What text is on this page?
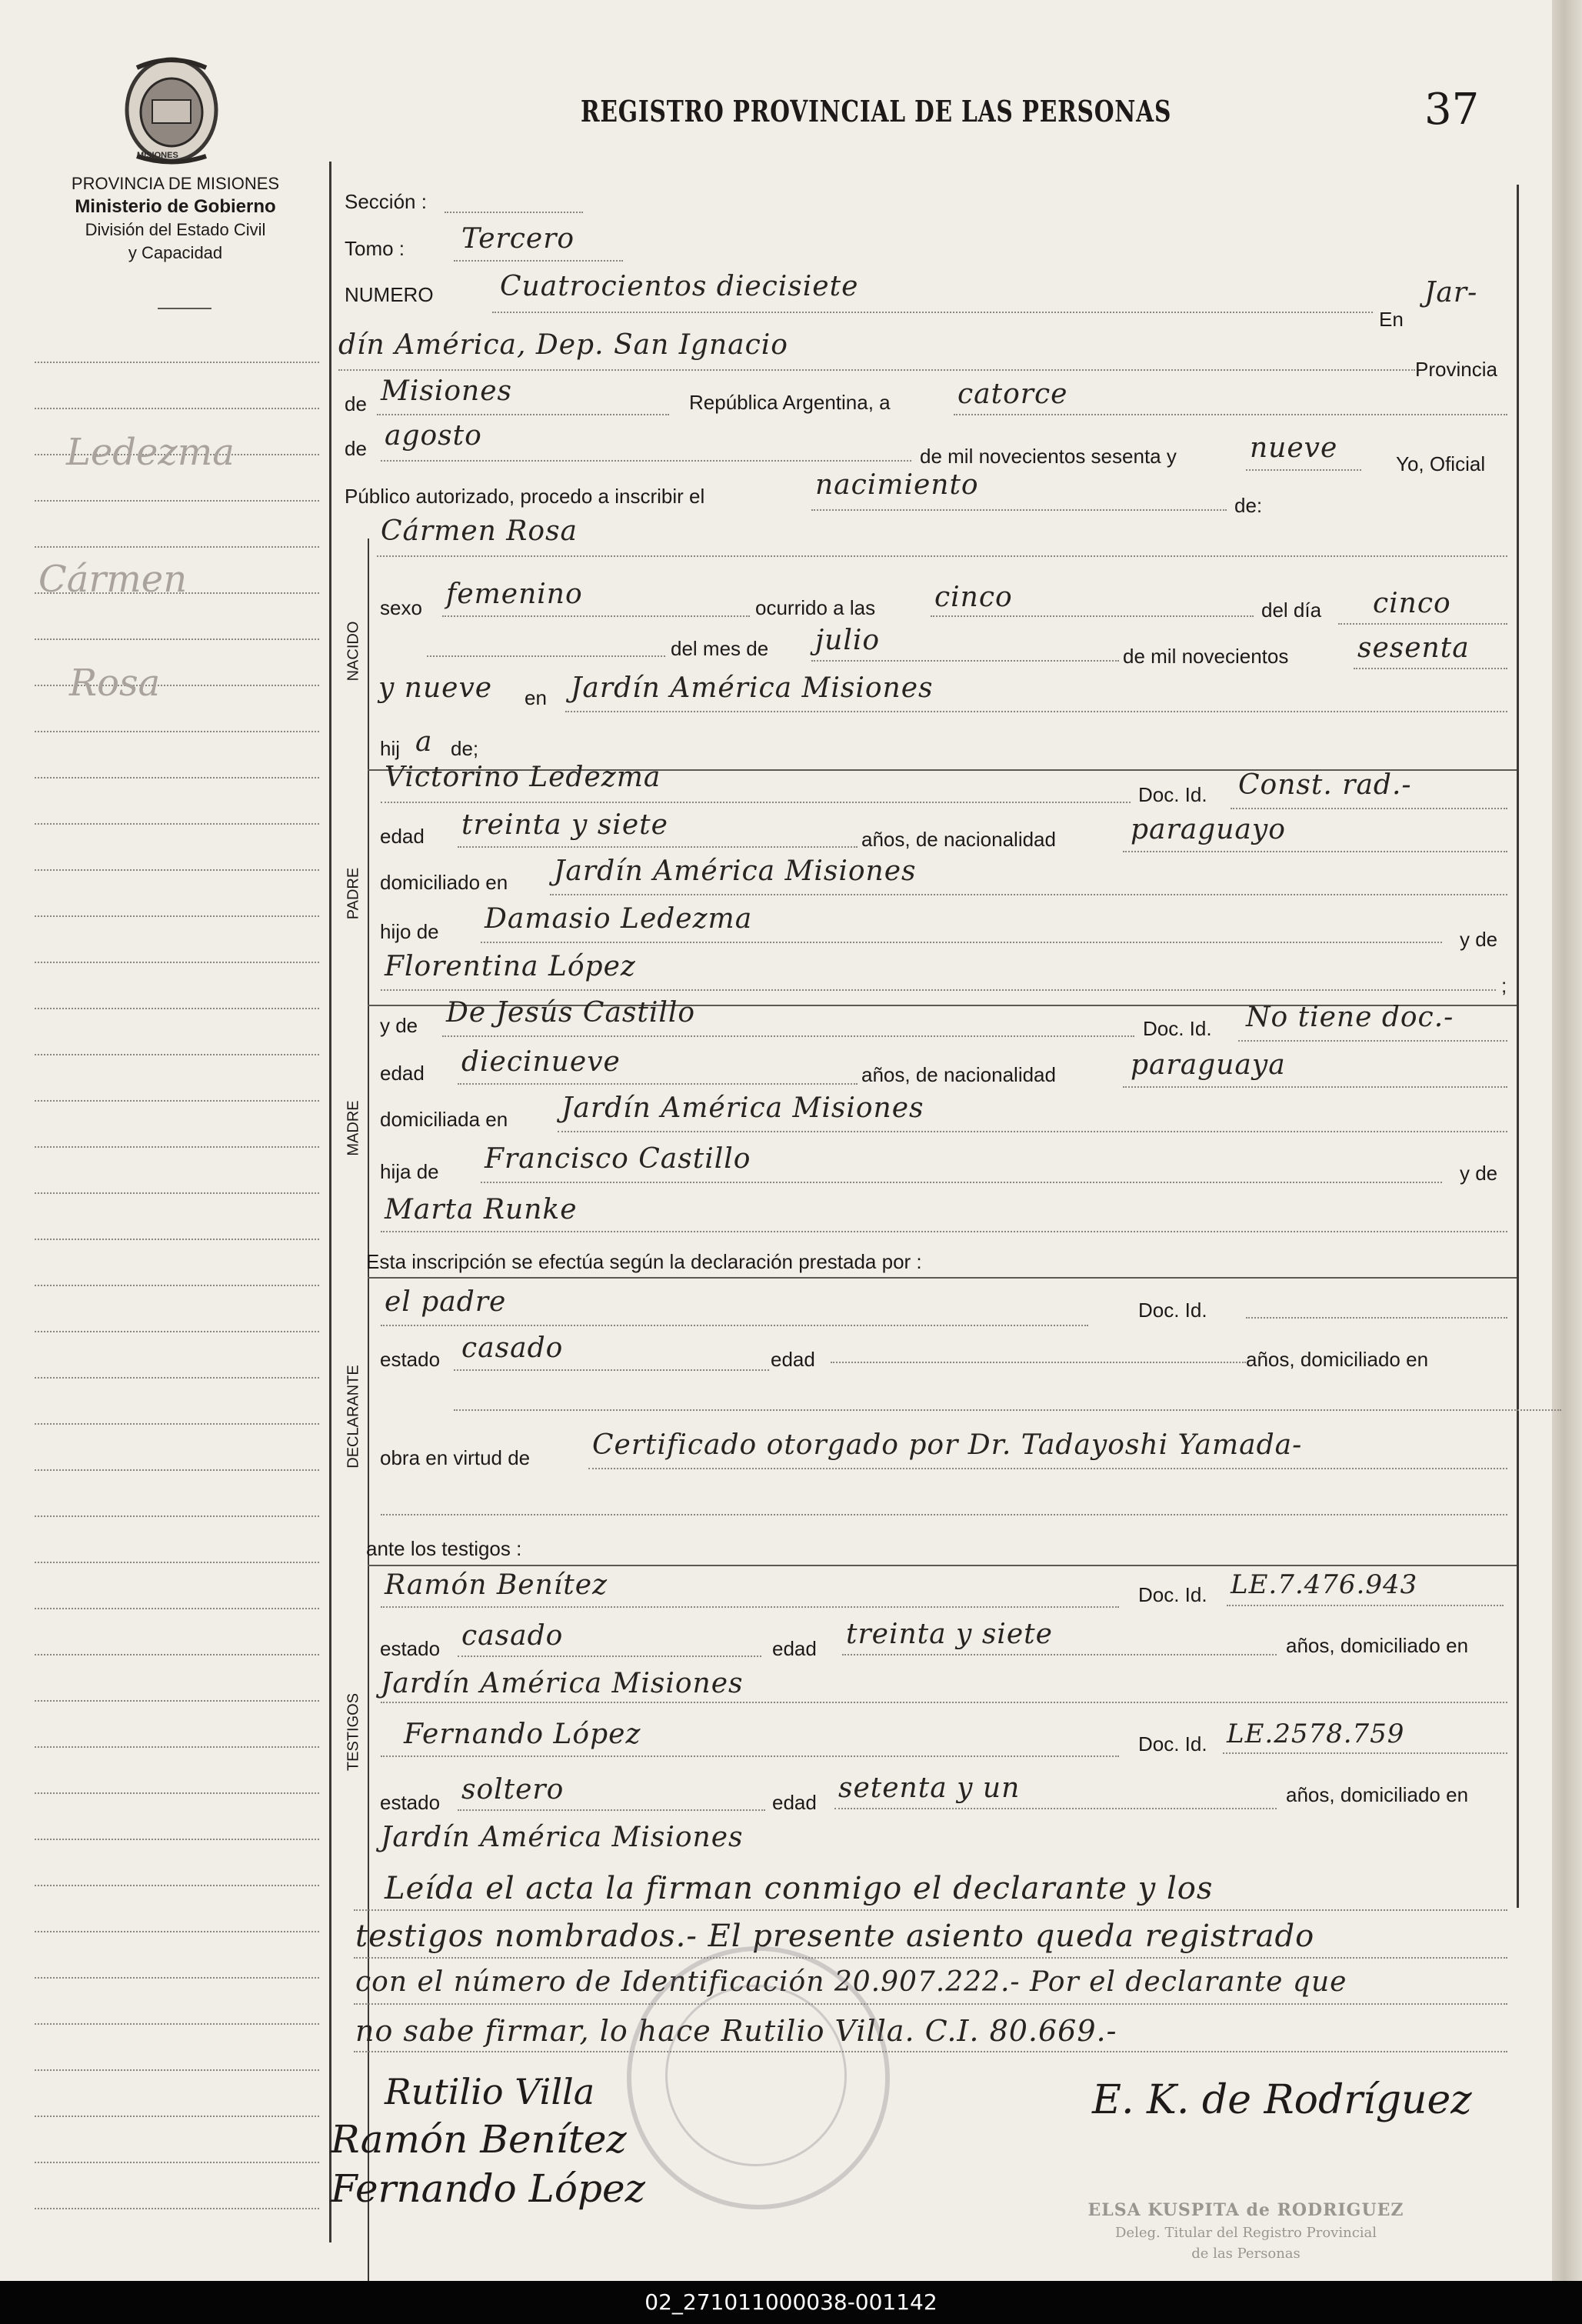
MISIONES
PROVINCIA DE MISIONES
Ministerio de Gobierno
División del Estado Civil
y Capacidad
REGISTRO PROVINCIAL DE LAS PERSONAS	37
Ledezma
Cármen
Rosa
NACIDO
PADRE
MADRE
DECLARANTE
TESTIGOS
Sección :
Tomo : Tercero
NUMERO Cuatrocientos diecisiete
En
Jar-
dín América, Dep. San Ignacio
Provincia
de Misiones	República Argentina, a catorce
de agosto
de mil novecientos sesenta y	nueve	Yo, Oficial
Público autorizado, procedo a inscribir el	nacimiento
de:
Cármen Rosa
sexo femenino	ocurrido a las cinco	del día cinco
del mes de julio	de mil novecientos sesenta
y nueve en Jardín América Misiones
hij a de;
Victorino Ledezma
Doc. Id. Const. rad.-
edad treinta y siete	años, de nacionalidad	paraguayo
domiciliado en Jardín América Misiones
hijo de Damasio Ledezma
y de
Florentina López
;
y de De Jesús Castillo	Doc. Id. No tiene doc.-
edad diecinueve	años, de nacionalidad	paraguaya
domiciliada en Jardín América Misiones
hija de Francisco Castillo	y de
Marta Runke
Esta inscripción se efectúa según la declaración prestada por :
el padre	Doc. Id.
estado casado	edad	años, domiciliado en
obra en virtud de Certificado otorgado por Dr. Tadayoshi Yamada-
ante los testigos :
Ramón Benítez	Doc. Id. LE.7.476.943
estado casado	edad treinta y siete	años, domiciliado en
Jardín América Misiones
Fernando López	Doc. Id. LE.2578.759
estado soltero	edad setenta y un	años, domiciliado en
Jardín América Misiones
Leída el acta la firman conmigo el declarante y los
testigos nombrados.- El presente asiento queda registrado
con el número de Identificación 20.907.222.- Por el declarante que
no sabe firmar, lo hace Rutilio Villa. C.I. 80.669.-
Rutilio Villa
Ramón Benítez
Fernando López
E. K. de Rodríguez
ELSA KUSPITA de RODRIGUEZ
Deleg. Titular del Registro Provincial
de las Personas
02_271011000038-001142
